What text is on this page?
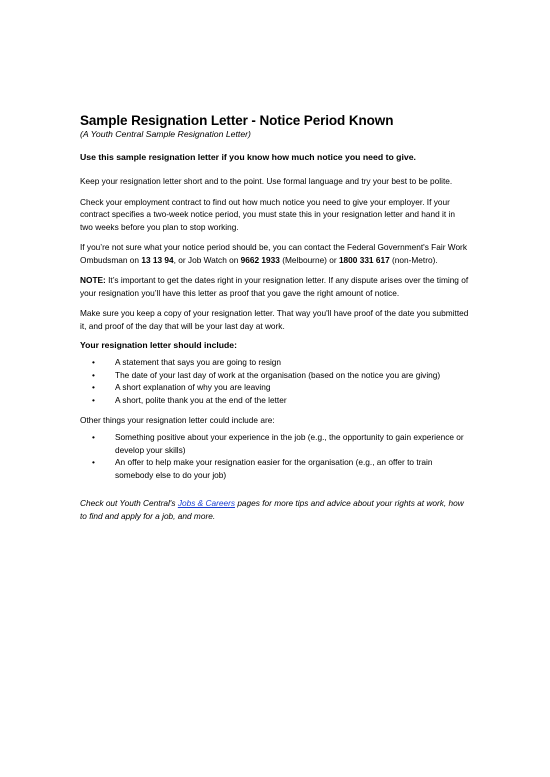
Sample Resignation Letter - Notice Period Known
(A Youth Central Sample Resignation Letter)
Use this sample resignation letter if you know how much notice you need to give.

Keep your resignation letter short and to the point. Use formal language and try your best to be polite.

Check your employment contract to find out how much notice you need to give your employer. If your contract specifies a two-week notice period, you must state this in your resignation letter and hand it in two weeks before you plan to stop working.

If you’re not sure what your notice period should be, you can contact the Federal Government's Fair Work Ombudsman on 13 13 94, or Job Watch on 9662 1933 (Melbourne) or 1800 331 617 (non-Metro).

NOTE: It’s important to get the dates right in your resignation letter. If any dispute arises over the timing of your resignation you’ll have this letter as proof that you gave the right amount of notice.

Make sure you keep a copy of your resignation letter. That way you'll have proof of the date you submitted it, and proof of the day that will be your last day at work.

Your resignation letter should include:
• A statement that says you are going to resign
• The date of your last day of work at the organisation (based on the notice you are giving)
• A short explanation of why you are leaving
• A short, polite thank you at the end of the letter
Other things your resignation letter could include are:
• Something positive about your experience in the job (e.g., the opportunity to gain experience or develop your skills)
• An offer to help make your resignation easier for the organisation (e.g., an offer to train somebody else to do your job)

Check out Youth Central's Jobs & Careers pages for more tips and advice about your rights at work, how to find and apply for a job, and more.
